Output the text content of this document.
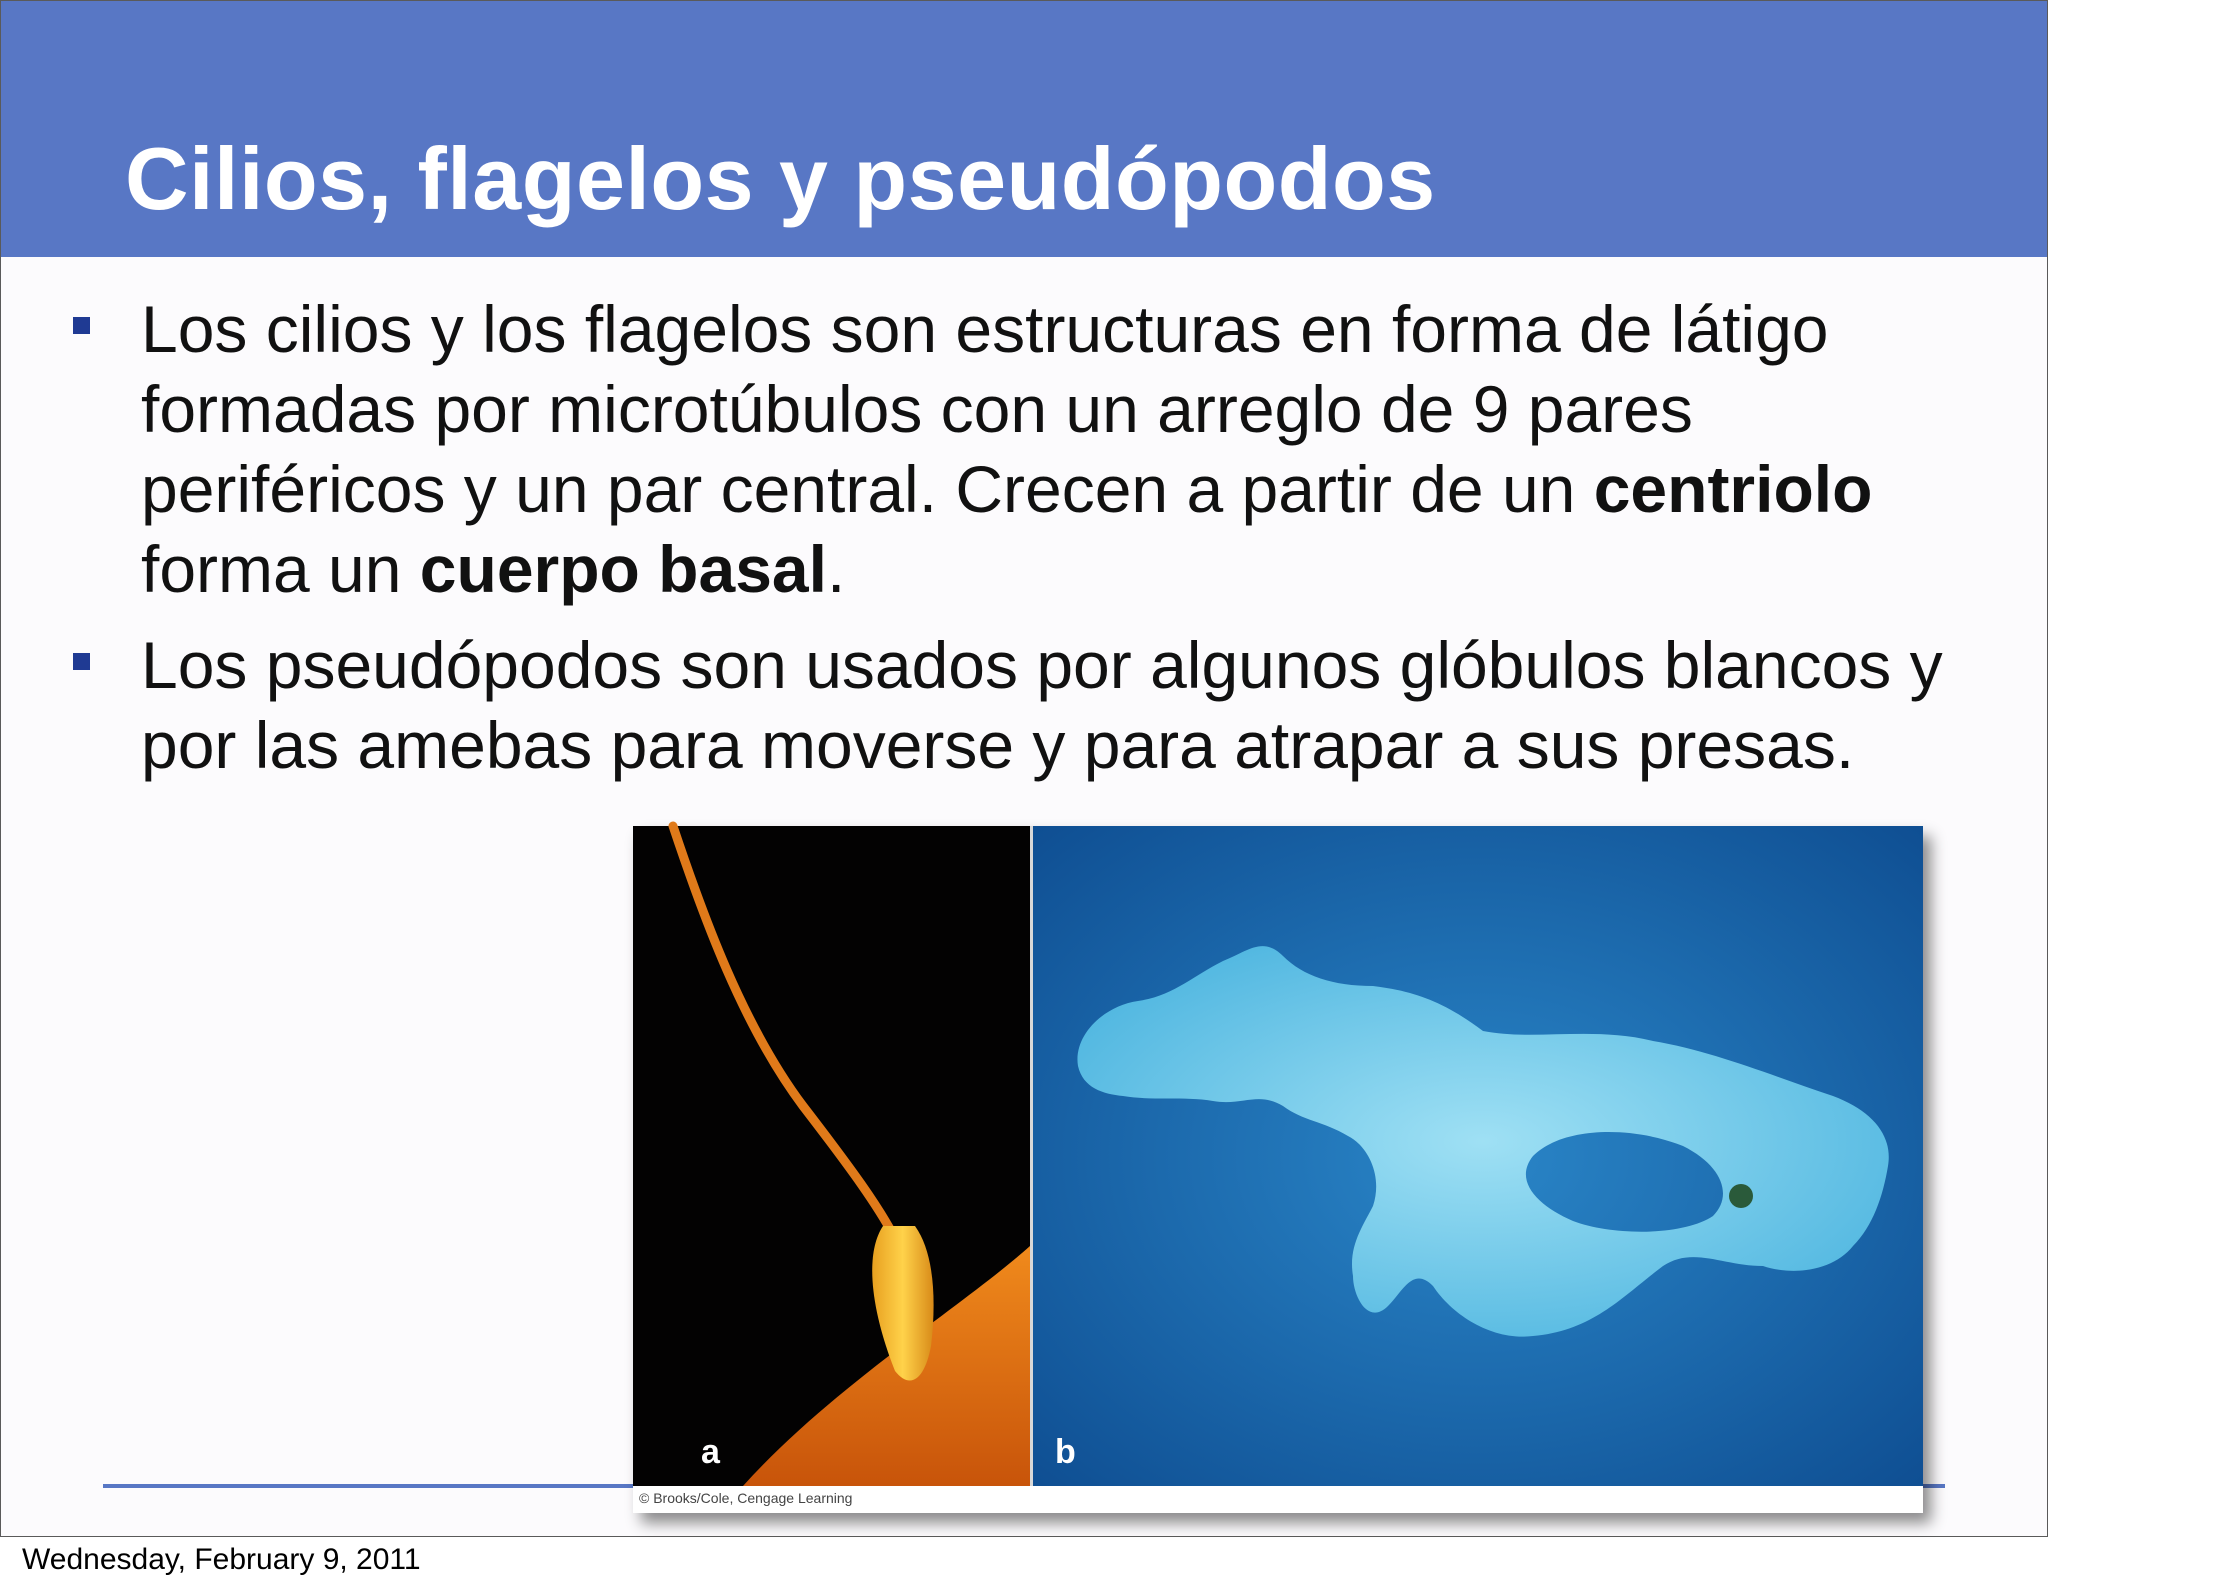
Cilios, flagelos y pseudópodos
Los cilios y los flagelos son estructuras en forma de látigo formadas por microtúbulos con un arreglo de 9 pares periféricos y un par central. Crecen a partir de un centriolo forma un cuerpo basal.
Los pseudópodos son usados por algunos glóbulos blancos y por las amebas para moverse y para atrapar a sus presas.
a
Ameba
b
© Brooks/Cole, Cengage Learning
Wednesday, February 9, 2011
